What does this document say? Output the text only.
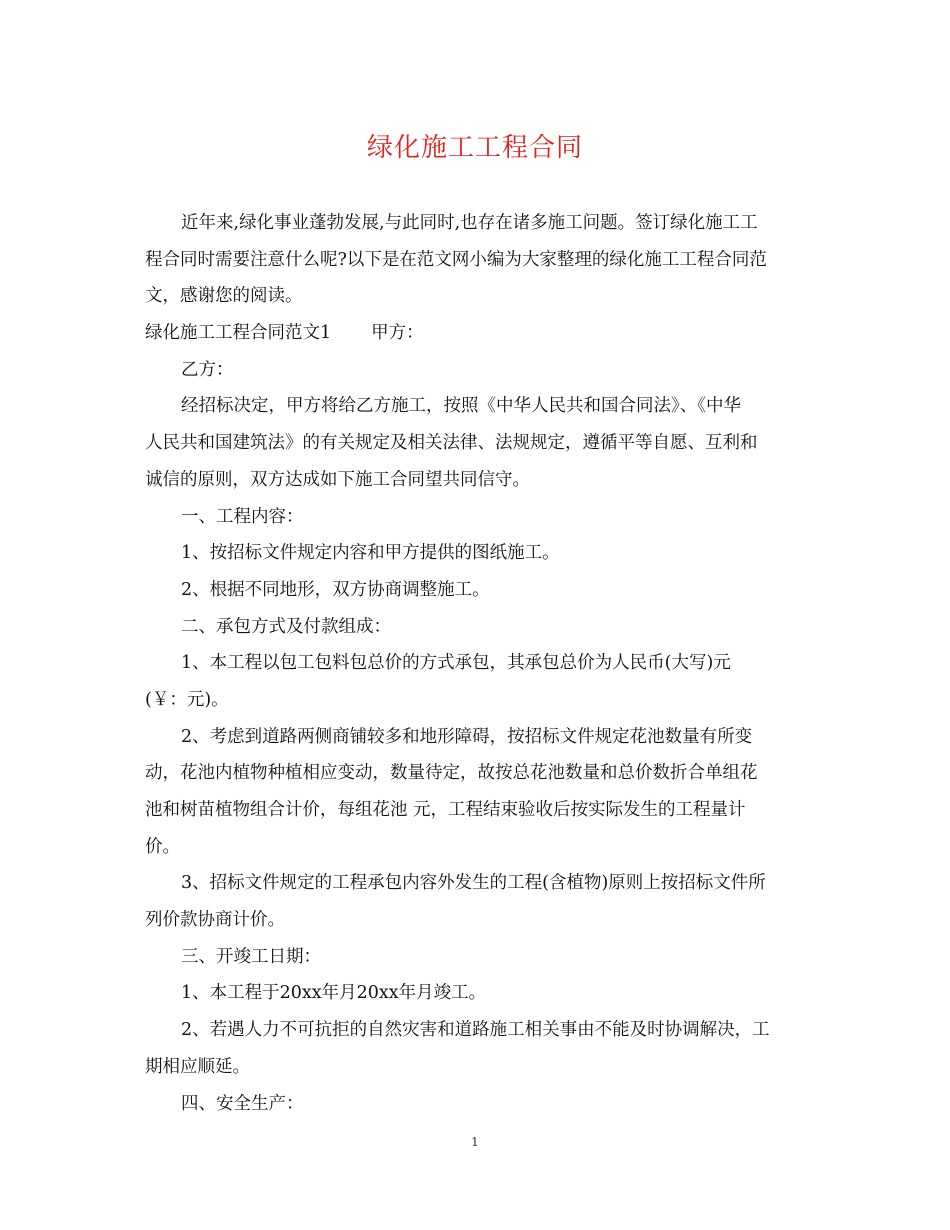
绿化施工工程合同
近年来,绿化事业蓬勃发展,与此同时,也存在诸多施工问题。签订绿化施工工
程合同时需要注意什么呢?以下是在范文网小编为大家整理的绿化施工工程合同范
文，感谢您的阅读。
绿化施工工程合同范文1 甲方：
乙方：
经招标决定，甲方将给乙方施工，按照《中华人民共和国合同法》、《中华
人民共和国建筑法》的有关规定及相关法律、法规规定，遵循平等自愿、互利和
诚信的原则，双方达成如下施工合同望共同信守。
一、工程内容：
1、按招标文件规定内容和甲方提供的图纸施工。
2、根据不同地形，双方协商调整施工。
二、承包方式及付款组成：
1、本工程以包工包料包总价的方式承包，其承包总价为人民币(大写)元
(￥：元)。
2、考虑到道路两侧商铺较多和地形障碍，按招标文件规定花池数量有所变
动，花池内植物种植相应变动，数量待定，故按总花池数量和总价数折合单组花
池和树苗植物组合计价，每组花池 元，工程结束验收后按实际发生的工程量计
价。
3、招标文件规定的工程承包内容外发生的工程(含植物)原则上按招标文件所
列价款协商计价。
三、开竣工日期：
1、本工程于20xx年月20xx年月竣工。
2、若遇人力不可抗拒的自然灾害和道路施工相关事由不能及时协调解决，工
期相应顺延。
四、安全生产：
1
